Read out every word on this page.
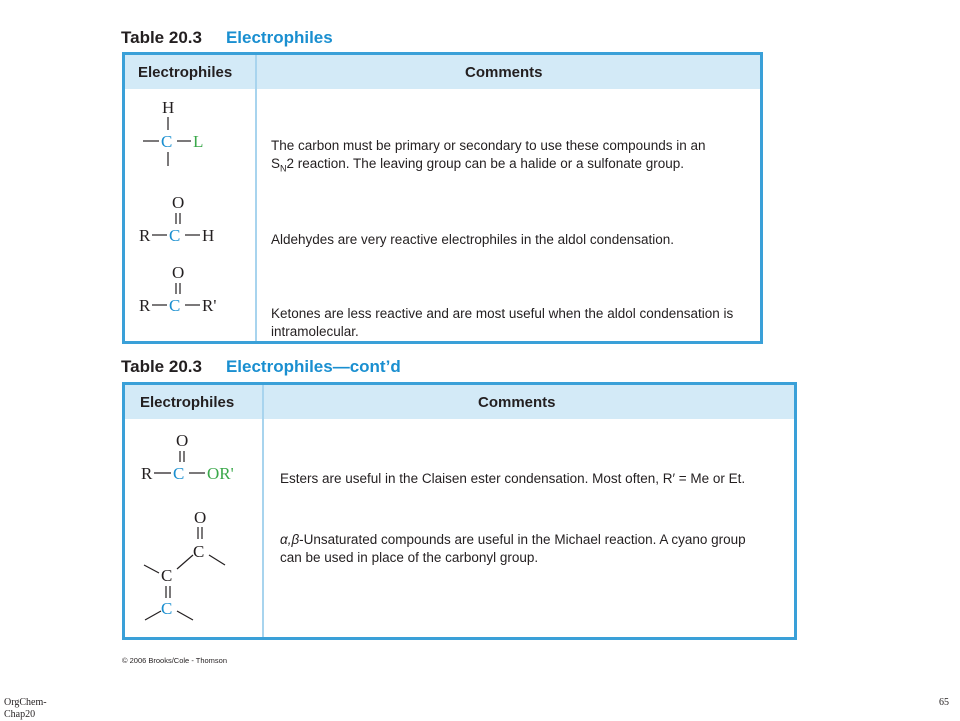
Table 20.3 Electrophiles
Electrophiles	Comments
H
C L	The carbon must be primary or secondary to use these compounds in an
$S_N2$ reaction. The leaving group can be a halide or a sulfonate group.
O
R C H	Aldehydes are very reactive electrophiles in the aldol condensation.
O
R C R'	Ketones are less reactive and are most useful when the aldol condensation is intramolecular.
Table 20.3 Electrophiles—cont’d
Electrophiles	Comments
O
R C OR'	Esters are useful in the Claisen ester condensation. Most often, R′ = Me or Et.
O
C
C
C
α,β-Unsaturated compounds are useful in the Michael reaction. A cyano group can be used in place of the carbonyl group.
© 2006 Brooks/Cole - Thomson
OrgChem-Chap20
65
